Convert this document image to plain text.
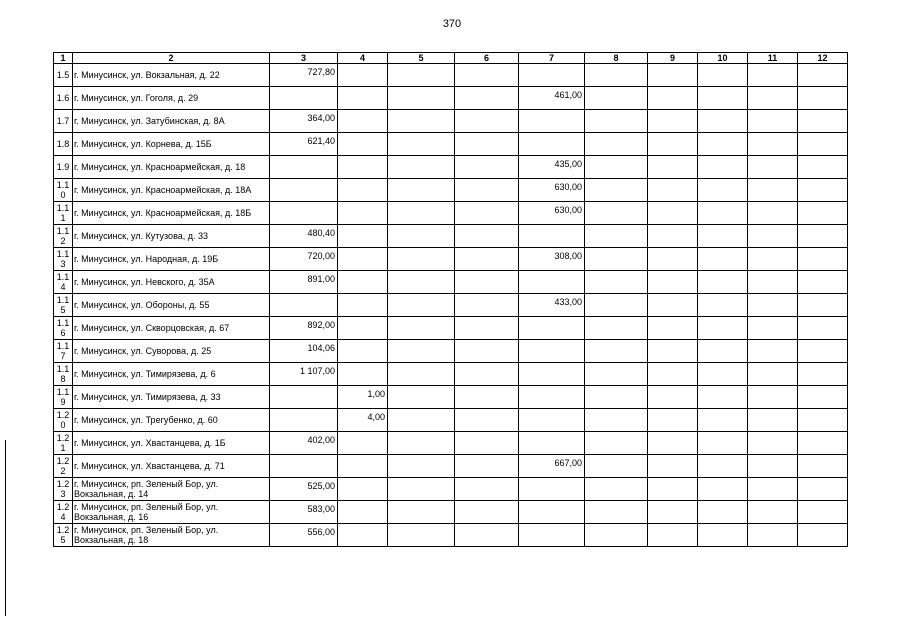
370
1	2	3	4	5	6	7	8	9	10	11	12
1.5	г. Минусинск, ул. Вокзальная, д. 22	727,80									
1.6	г. Минусинск, ул. Гоголя, д. 29					461,00					
1.7	г. Минусинск, ул. Затубинская, д. 8А	364,00									
1.8	г. Минусинск, ул. Корнева, д. 15Б	621,40									
1.9	г. Минусинск, ул. Красноармейская, д. 18					435,00					
1.1 0	г. Минусинск, ул. Красноармейская, д. 18А					630,00					
1.1 1	г. Минусинск, ул. Красноармейская, д. 18Б					630,00					
1.1 2	г. Минусинск, ул. Кутузова, д. 33	480,40									
1.1 3	г. Минусинск, ул. Народная, д. 19Б	720,00				308,00					
1.1 4	г. Минусинск, ул. Невского, д. 35А	891,00									
1.1 5	г. Минусинск, ул. Обороны, д. 55					433,00					
1.1 6	г. Минусинск, ул. Скворцовская, д. 67	892,00									
1.1 7	г. Минусинск, ул. Суворова, д. 25	104,06									
1.1 8	г. Минусинск, ул. Тимирязева, д. 6	1 107,00									
1.1 9	г. Минусинск, ул. Тимирязева, д. 33		1,00								
1.2 0	г. Минусинск, ул. Трегубенко, д. 60		4,00								
1.2 1	г. Минусинск, ул. Хвастанцева, д. 1Б	402,00									
1.2 2	г. Минусинск, ул. Хвастанцева, д. 71					667,00					
1.2 3	г. Минусинск, рп. Зеленый Бор, ул. Вокзальная, д. 14	525,00									
1.2 4	г. Минусинск, рп. Зеленый Бор, ул. Вокзальная, д. 16	583,00									
1.2 5	г. Минусинск, рп. Зеленый Бор, ул. Вокзальная, д. 18	556,00									
